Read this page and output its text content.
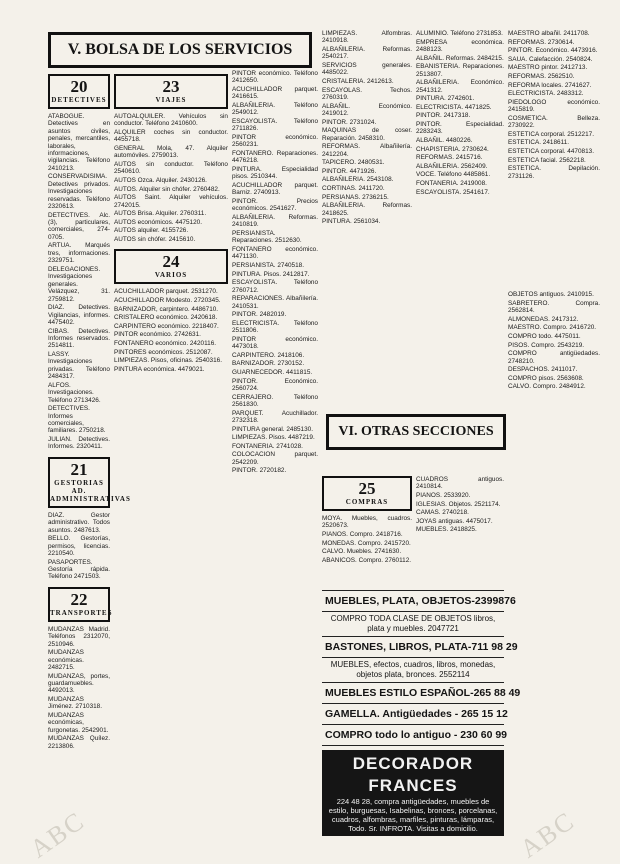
ABC	ABC
V. BOLSA DE LOS SERVICIOS
20
DETECTIVES

ATABOGUE. Detectives en asuntos civiles, penales, mercantiles, laborales, informaciones, vigilancias. Teléfono 2410213.

CONSERVADISIMA. Detectives privados. Investigaciones reservadas. Teléfono 2320613.

DETECTIVES. Alc. (3), particulares, comerciales, 274-0705.

ARTUA. Marqués tres, informaciones. 2329751.

DELEGACIONES. Investigaciones generales. Velázquez, 31. 2759812.

DIAZ. Detectives. Vigilancias, informes. 4475402.

CIBAS. Detectives. Informes reservados. 2514811.

LASSY. Investigaciones privadas. Teléfono 2484317.

ALFOS. Investigaciones. Teléfono 2713426.

DETECTIVES. Informes comerciales, familiares. 2750218.

JULIAN. Detectives. Informes. 2320411.

21
GESTORIAS AD. ADMINISTRATIVAS

DIAZ. Gestor administrativo. Todos asuntos. 2487613.

BELLO. Gestorías, permisos, licencias. 2210540.

PASAPORTES. Gestoría rápida. Teléfono 2471503.

22
TRANSPORTES

MUDANZAS Madrid. Teléfonos 2312070, 2510946.

MUDANZAS económicas. 2482715.

MUDANZAS, portes, guardamuebles. 4492013.

MUDANZAS Jiménez. 2710318.

MUDANZAS económicas, furgonetas. 2542901.

MUDANZAS Quílez. 2213806.

23
VIAJES

AUTOALQUILER. Vehículos sin conductor. Teléfono 2410600.

ALQUILER coches sin conductor. 4455718.

GENERAL Mola, 47. Alquiler automóviles. 2759013.

AUTOS sin conductor. Teléfono 2540610.

AUTOS Ozca. Alquiler. 2430126.

AUTOS. Alquiler sin chófer. 2760482.

AUTOS Saint. Alquiler vehículos. 2742015.

AUTOS Brisa. Alquiler. 2760311.

AUTOS económicos. 4475120.

AUTOS alquiler. 4155726.

AUTOS sin chófer. 2415610.

24
VARIOS

ACUCHILLADOR parquet. 2531270.

ACUCHILLADOR Modesto. 2720345.

BARNIZADOR, carpintero. 4486710.

CRISTALERO económico. 2420618.

CARPINTERO económico. 2218407.

PINTOR económico. 2742631.

FONTANERO económico. 2420116.

PINTORES económicos. 2512087.

LIMPIEZAS. Pisos, oficinas. 2540316.

PINTURA económica. 4479021.

PINTOR económico. Teléfono 2412650.

ACUCHILLADOR parquet. 2416615.

ALBAÑILERIA. Teléfono 2549012.

ESCAYOLISTA. Teléfono 2711826.

PINTOR económico. 2560231.

FONTANERO. Reparaciones. 4476218.

PINTURA. Especialidad pisos. 2510344.

ACUCHILLADOR parquet. Barniz. 2740913.

PINTOR. Precios económicos. 2541627.

ALBAÑILERIA. Reformas. 2410819.

PERSIANISTA. Reparaciones. 2512630.

FONTANERO económico. 4471130.

PERSIANISTA. 2740518.

PINTURA. Pisos. 2412817.

ESCAYOLISTA. Teléfono 2760712.

REPARACIONES. Albañilería. 2410531.

PINTOR. 2482019.

ELECTRICISTA. Teléfono 2511806.

PINTOR económico. 4473018.

CARPINTERO. 2418106.

BARNIZADOR. 2730152.

GUARNECEDOR. 4411815.

PINTOR. Económico. 2560724.

CERRAJERO. Teléfono 2561830.

PARQUET. Acuchillador. 2732318.

PINTURA general. 2485130.

LIMPIEZAS. Pisos. 4487219.

FONTANERIA. 2741028.

COLOCACION parquet. 2542209.

PINTOR. 2720182.

LIMPIEZAS. Alfombras. 2410918.

ALBAÑILERIA. Reformas. 2540217.

SERVICIOS generales. 4485022.

CRISTALERIA. 2412613.

ESCAYOLAS. Techos. 2760319.

ALBAÑIL. Económico. 2419012.

PINTOR. 2731024.

MAQUINAS de coser. Reparación. 2458310.

REFORMAS. Albañilería. 2412204.

TAPICERO. 2480531.

PINTOR. 4471926.

ALBAÑILERIA. 2543108.

CORTINAS. 2411720.

PERSIANAS. 2736215.

ALBAÑILERIA. Reformas. 2418625.

PINTURA. 2561034.

ALUMINIO. Teléfono 2731853.

EMPRESA económica. 2488123.

ALBAÑIL. Reformas. 2484215.

EBANISTERIA. Reparaciones. 2513807.

ALBAÑILERIA. Económico. 2541312.

PINTURA. 2742601.

ELECTRICISTA. 4471825.

PINTOR. 2417318.

PINTOR. Especialidad. 2283243.

ALBAÑIL. 4480226.

CHAPISTERIA. 2730624.

REFORMAS. 2415716.

ALBAÑILERIA. 2562409.

VOCE. Teléfono 4485861.

FONTANERIA. 2419008.

ESCAYOLISTA. 2541617.

MAESTRO albañil. 2411708.

REFORMAS. 2730614.

PINTOR. Económico. 4473916.

SAUA. Calefacción. 2540824.

MAESTRO pintor. 2412713.

REFORMAS. 2562510.

REFORMA locales. 2741627.

ELECTRICISTA. 2483312.

PIEDOLOGO económico. 2415819.

COSMETICA. Belleza. 2730922.

ESTETICA corporal. 2512217.

ESTETICA. 2418611.

ESTETICA corporal. 4470813.

ESTETICA facial. 2562218.

ESTETICA. Depilación. 2731126.

OBJETOS antiguos. 2410915.

SABRETERO. Compra. 2562814.

ALMONEDAS. 2417312.

MAESTRO. Compro. 2416720.

COMPRO todo. 4475011.

PISOS. Compro. 2543219.

COMPRO antigüedades. 2748210.

DESPACHOS. 2411017.

COMPRO pisos. 2563608.

CALVO. Compro. 2484912.

VI. OTRAS SECCIONES
25
COMPRAS

MOYA. Muebles, cuadros. 2520673.

PIANOS. Compro. 2418716.

MONEDAS. Compro. 2415720.

CALVO. Muebles. 2741630.

ABANICOS. Compro. 2760112.

CUADROS antiguos. 2410814.

PIANOS. 2533920.

IGLESIAS. Objetos. 2521174.

CAMAS. 2740218.

JOYAS antiguas. 4475017.

MUEBLES. 2418825.

MUEBLES, PLATA, OBJETOS-2399876
COMPRO TODA CLASE DE OBJETOS libros, plata y muebles. 2047721
BASTONES, LIBROS, PLATA-711 98 29
MUEBLES, efectos, cuadros, libros, monedas, objetos plata, bronces. 2552114
MUEBLES ESTILO ESPAÑOL-265 88 49
GAMELLA. Antigüedades - 265 15 12
COMPRO todo lo antiguo - 230 60 99
DECORADOR FRANCES
224 48 28, compra antigüedades, muebles de estilo, burguesas, Isabelinas, bronces, porcelanas, cuadros, alfombras, marfiles, pinturas, lámparas, Todo. Sr. INFROTA. Visitas a domicilio.
